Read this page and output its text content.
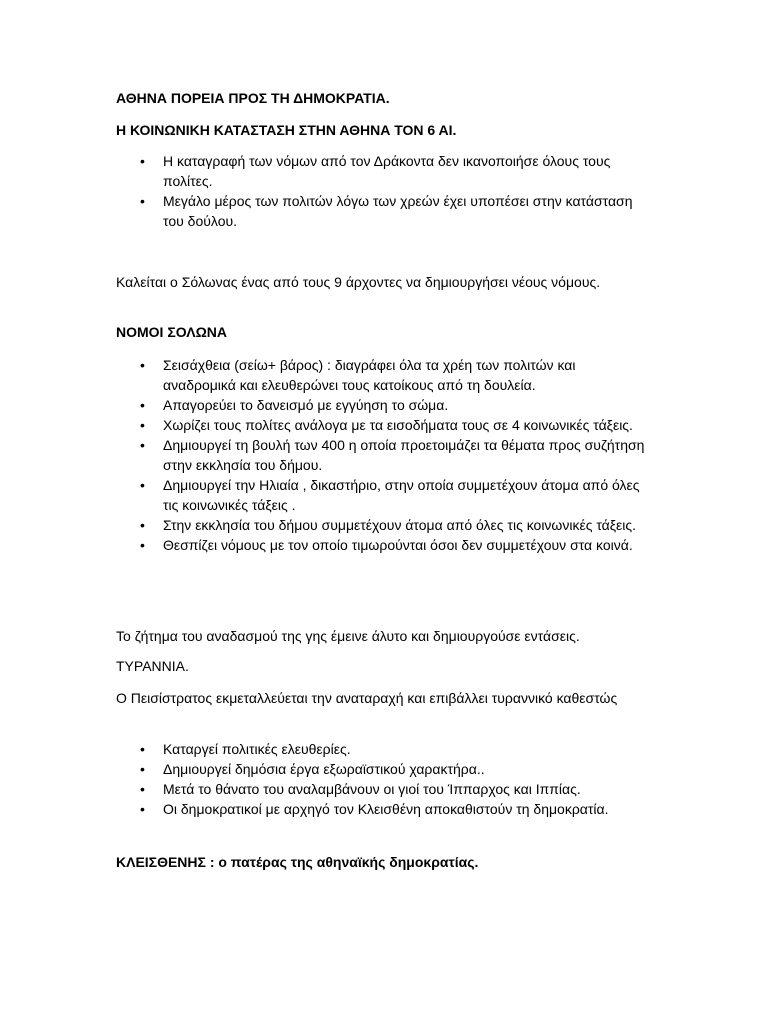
ΑΘΗΝΑ ΠΟΡΕΙΑ ΠΡΟΣ ΤΗ ΔΗΜΟΚΡΑΤΙΑ.

Η ΚΟΙΝΩΝΙΚΗ ΚΑΤΑΣΤΑΣΗ ΣΤΗΝ ΑΘΗΝΑ ΤΟΝ 6 ΑΙ.

• Η καταγραφή των νόμων από τον Δράκοντα δεν ικανοποιήσε όλους τους πολίτες.
• Μεγάλο μέρος των πολιτών λόγω των χρεών έχει υποπέσει στην κατάσταση του δούλου.

Καλείται ο Σόλωνας ένας από τους 9 άρχοντες να δημιουργήσει νέους νόμους.

ΝΟΜΟΙ ΣΟΛΩΝΑ

• Σεισάχθεια (σείω+ βάρος) : διαγράφει όλα τα χρέη των πολιτών και αναδρομικά και ελευθερώνει τους κατοίκους από τη δουλεία.
• Απαγορεύει το δανεισμό με εγγύηση το σώμα.
• Χωρίζει τους πολίτες ανάλογα με τα εισοδήματα τους σε 4 κοινωνικές τάξεις.
• Δημιουργεί τη βουλή των 400 η οποία προετοιμάζει τα θέματα προς συζήτηση στην εκκλησία του δήμου.
• Δημιουργεί την Ηλιαία , δικαστήριο, στην οποία συμμετέχουν άτομα από όλες τις κοινωνικές τάξεις .
• Στην εκκλησία του δήμου συμμετέχουν άτομα από όλες τις κοινωνικές τάξεις.
• Θεσπίζει νόμους με τον οποίο τιμωρούνται όσοι δεν συμμετέχουν στα κοινά.

Το ζήτημα του αναδασμού της γης έμεινε άλυτο και δημιουργούσε εντάσεις.

ΤΥΡΑΝΝΙΑ.

Ο Πεισίστρατος εκμεταλλεύεται την αναταραχή και επιβάλλει τυραννικό καθεστώς

• Καταργεί πολιτικές ελευθερίες.
• Δημιουργεί δημόσια έργα εξωραϊστικού χαρακτήρα..
• Μετά το θάνατο του αναλαμβάνουν οι γιοί του Ίππαρχος και Ιππίας.
• Οι δημοκρατικοί με αρχηγό τον Κλεισθένη αποκαθιστούν τη δημοκρατία.

ΚΛΕΙΣΘΕΝΗΣ : ο πατέρας της αθηναϊκής δημοκρατίας.
